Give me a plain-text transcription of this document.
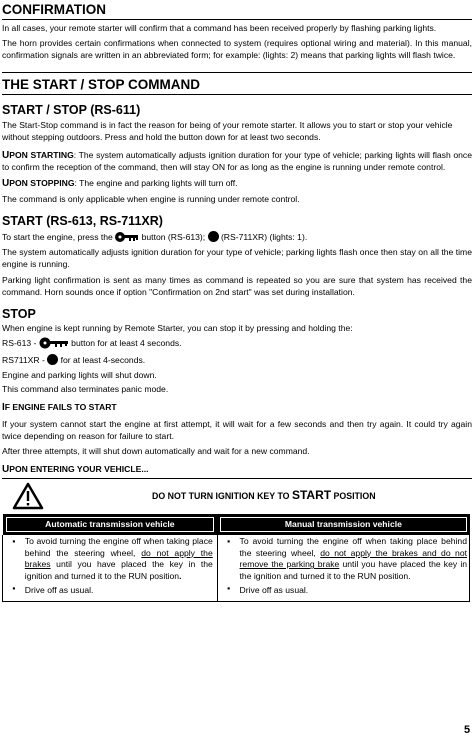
CONFIRMATION

In all cases, your remote starter will confirm that a command has been received properly by flashing parking lights.

The horn provides certain confirmations when connected to system (requires optional wiring and material). In this manual, confirmation signals are written in an abbreviated form; for example: (lights: 2) means that parking lights will flash twice.

THE START / STOP COMMAND
START / STOP (RS-611)

The Start-Stop command is in fact the reason for being of your remote starter. It allows you to start or stop your vehicle without stepping outdoors. Press and hold the button down for at least two seconds.

UPON STARTING: The system automatically adjusts ignition duration for your type of vehicle; parking lights will flash once to confirm the reception of the command, then will stay ON for as long as the engine is running under remote control.

UPON STOPPING: The engine and parking lights will turn off.

The command is only applicable when engine is running under remote control.

START (RS-613, RS-711XR)

To start the engine, press the	button (RS-613); (RS-711XR) (lights: 1).

The system automatically adjusts ignition duration for your type of vehicle; parking lights flash once then stay on all the time engine is running.

Parking light confirmation is sent as many times as command is repeated so you are sure that system has received the command. Horn sounds once if option "Confirmation on 2nd start" was set during installation.

STOP

When engine is kept running by Remote Starter, you can stop it by pressing and holding the:

RS-613 -	button for at least 4 seconds.

RS711XR - for at least 4-seconds.

Engine and parking lights will shut down.

This command also terminates panic mode.

IF ENGINE FAILS TO START

If your system cannot start the engine at first attempt, it will wait for a few seconds and then try again. It could try again twice depending on reason for failure to start.

After three attempts, it will shut down automatically and wait for a new command.

UPON ENTERING YOUR VEHICLE...
DO NOT TURN IGNITION KEY TO START POSITION
Automatic transmission vehicle		Manual transmission vehicle	

▪	To avoid turning the engine off when taking place behind the steering wheel, do not apply the brakes until you have placed the key in the ignition and turned it to the RUN position.	▪	To avoid turning the engine off when taking place behind the steering wheel, do not apply the brakes and do not remove the parking brake until you have placed the key in the ignition and turned it to the RUN position.
▪	Drive off as usual.	▪	Drive off as usual.
5
